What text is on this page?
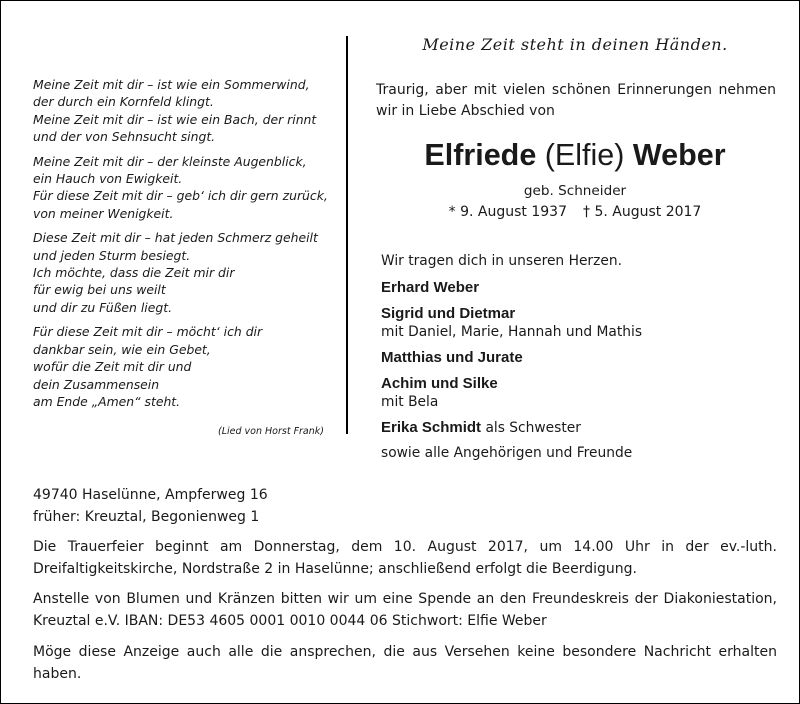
Meine Zeit mit dir – ist wie ein Sommerwind,
der durch ein Kornfeld klingt.
Meine Zeit mit dir – ist wie ein Bach, der rinnt
und der von Sehnsucht singt.
Meine Zeit mit dir – der kleinste Augenblick,
ein Hauch von Ewigkeit.
Für diese Zeit mit dir – geb‘ ich dir gern zurück,
von meiner Wenigkeit.
Diese Zeit mit dir – hat jeden Schmerz geheilt
und jeden Sturm besiegt.
Ich möchte, dass die Zeit mir dir
für ewig bei uns weilt
und dir zu Füßen liegt.
Für diese Zeit mit dir – möcht‘ ich dir
dankbar sein, wie ein Gebet,
wofür die Zeit mit dir und
dein Zusammensein
am Ende „Amen“ steht.
(Lied von Horst Frank)
Meine Zeit steht in deinen Händen.
Traurig, aber mit vielen schönen Erinnerungen nehmen wir in Liebe Abschied von
Elfriede (Elfie) Weber
geb. Schneider
* 9. August 1937 † 5. August 2017
Wir tragen dich in unseren Herzen.
Erhard Weber
Sigrid und Dietmar
mit Daniel, Marie, Hannah und Mathis
Matthias und Jurate
Achim und Silke
mit Bela
Erika Schmidt als Schwester
sowie alle Angehörigen und Freunde
49740 Haselünne, Ampferweg 16
früher: Kreuztal, Begonienweg 1
Die Trauerfeier beginnt am Donnerstag, dem 10. August 2017, um 14.00 Uhr in der ev.-luth. Dreifaltigkeitskirche, Nordstraße 2 in Haselünne; anschließend erfolgt die Beerdigung.
Anstelle von Blumen und Kränzen bitten wir um eine Spende an den Freundeskreis der Diakoniestation, Kreuztal e.V. IBAN: DE53 4605 0001 0010 0044 06 Stichwort: Elfie Weber
Möge diese Anzeige auch alle die ansprechen, die aus Versehen keine besondere Nachricht erhalten haben.
